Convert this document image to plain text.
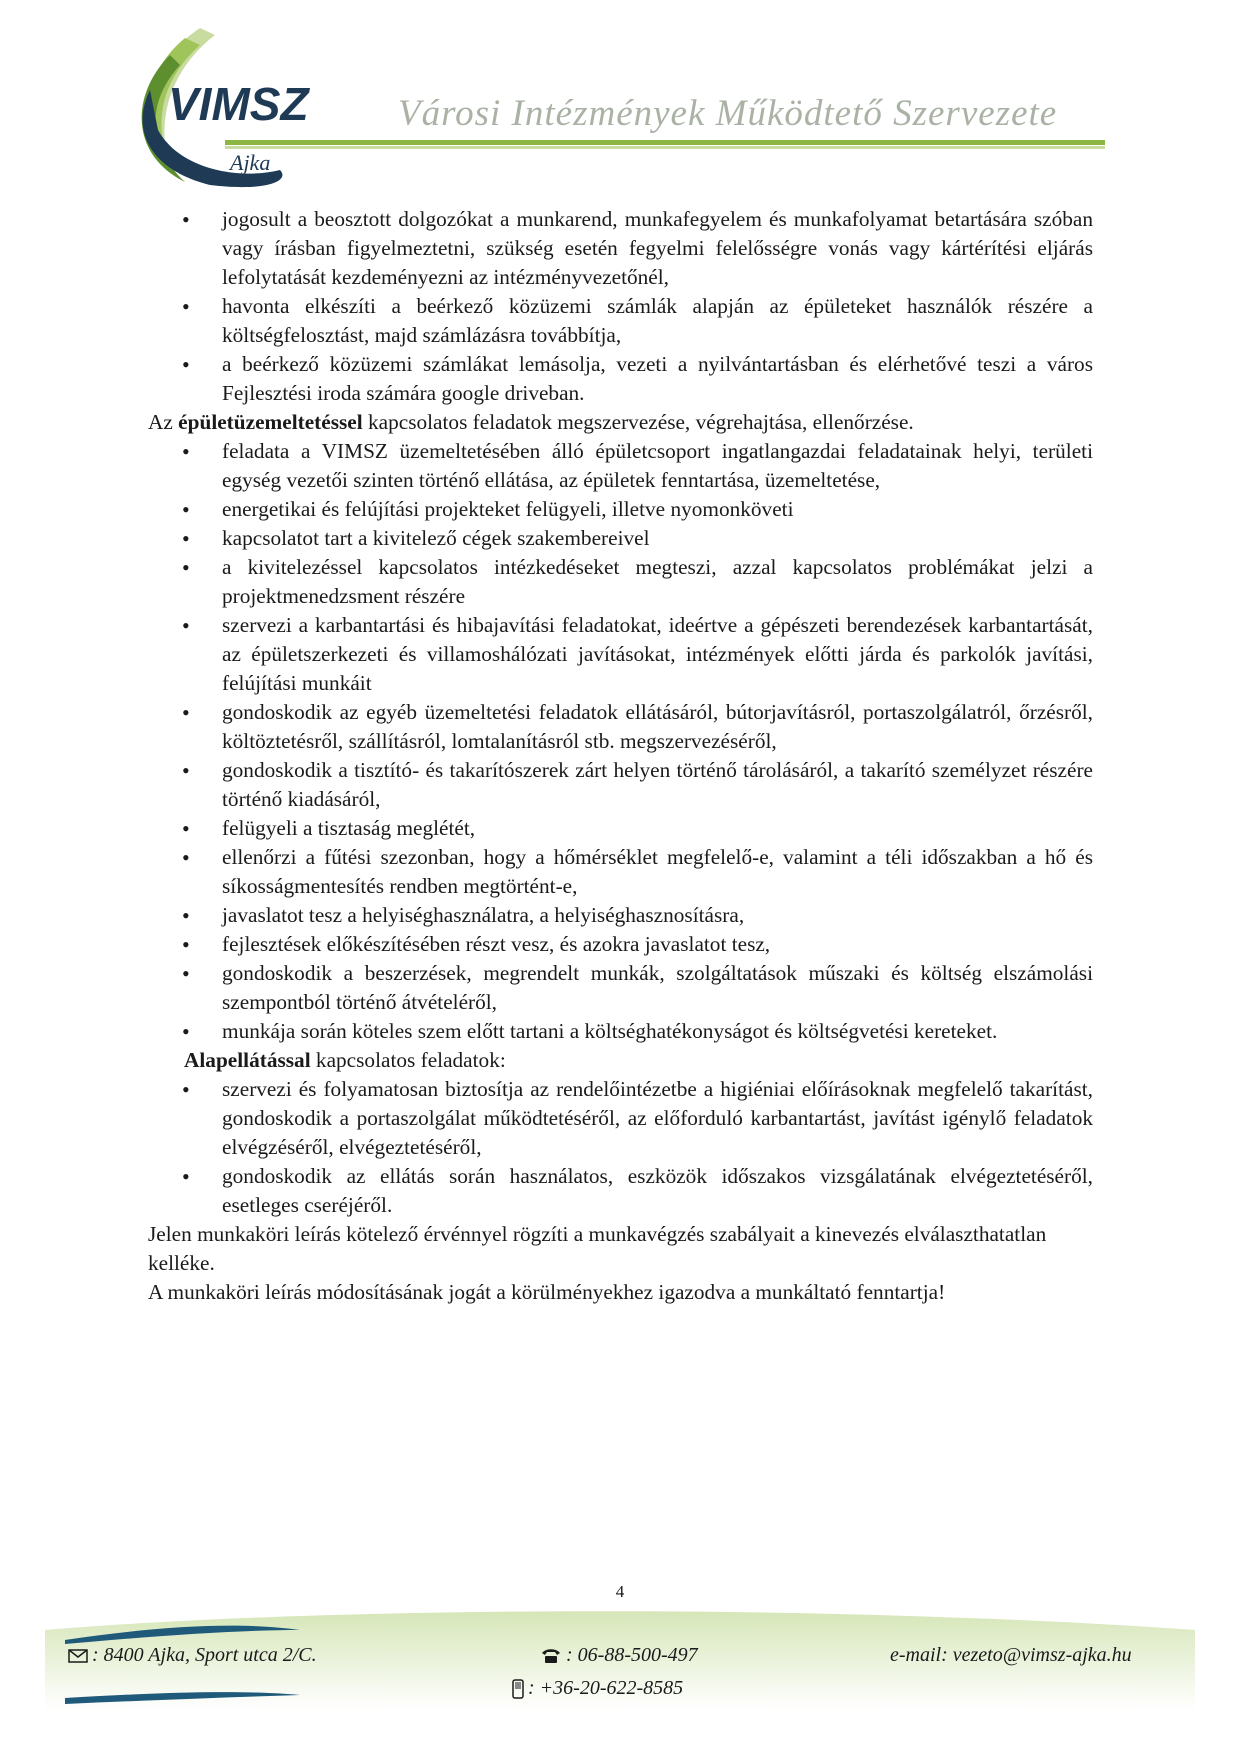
VIMSZ
Ajka
Városi Intézmények Működtető Szervezete
• jogosult a beosztott dolgozókat a munkarend, munkafegyelem és munkafolyamat betartására szóban vagy írásban figyelmeztetni, szükség esetén fegyelmi felelősségre vonás vagy kártérítési eljárás lefolytatását kezdeményezni az intézményvezetőnél,
• havonta elkészíti a beérkező közüzemi számlák alapján az épületeket használók részére a költségfelosztást, majd számlázásra továbbítja,
• a beérkező közüzemi számlákat lemásolja, vezeti a nyilvántartásban és elérhetővé teszi a város Fejlesztési iroda számára google driveban.

Az épületüzemeltetéssel kapcsolatos feladatok megszervezése, végrehajtása, ellenőrzése.

• feladata a VIMSZ üzemeltetésében álló épületcsoport ingatlangazdai feladatainak helyi, területi egység vezetői szinten történő ellátása, az épületek fenntartása, üzemeltetése,
• energetikai és felújítási projekteket felügyeli, illetve nyomonköveti
• kapcsolatot tart a kivitelező cégek szakembereivel
• a kivitelezéssel kapcsolatos intézkedéseket megteszi, azzal kapcsolatos problémákat jelzi a projektmenedzsment részére
• szervezi a karbantartási és hibajavítási feladatokat, ideértve a gépészeti berendezések karbantartását, az épületszerkezeti és villamoshálózati javításokat, intézmények előtti járda és parkolók javítási, felújítási munkáit
• gondoskodik az egyéb üzemeltetési feladatok ellátásáról, bútorjavításról, portaszolgálatról, őrzésről, költöztetésről, szállításról, lomtalanításról stb. megszervezéséről,
• gondoskodik a tisztító- és takarítószerek zárt helyen történő tárolásáról, a takarító személyzet részére történő kiadásáról,
• felügyeli a tisztaság meglétét,
• ellenőrzi a fűtési szezonban, hogy a hőmérséklet megfelelő-e, valamint a téli időszakban a hő és síkosságmentesítés rendben megtörtént-e,
• javaslatot tesz a helyiséghasználatra, a helyiséghasznosításra,
• fejlesztések előkészítésében részt vesz, és azokra javaslatot tesz,
• gondoskodik a beszerzések, megrendelt munkák, szolgáltatások műszaki és költség elszámolási szempontból történő átvételéről,
• munkája során köteles szem előtt tartani a költséghatékonyságot és költségvetési kereteket.

Alapellátással kapcsolatos feladatok:

• szervezi és folyamatosan biztosítja az rendelőintézetbe a higiéniai előírásoknak megfelelő takarítást, gondoskodik a portaszolgálat működtetéséről, az előforduló karbantartást, javítást igénylő feladatok elvégzéséről, elvégeztetéséről,
• gondoskodik az ellátás során használatos, eszközök időszakos vizsgálatának elvégeztetéséről, esetleges cseréjéről.

Jelen munkaköri leírás kötelező érvénnyel rögzíti a munkavégzés szabályait a kinevezés elválaszthatatlan kelléke.

A munkaköri leírás módosításának jogát a körülményekhez igazodva a munkáltató fenntartja!

4
: 8400 Ajka, Sport utca 2/C.	: 06-88-500-497	e-mail: vezeto@vimsz-ajka.hu
: +36-20-622-8585
